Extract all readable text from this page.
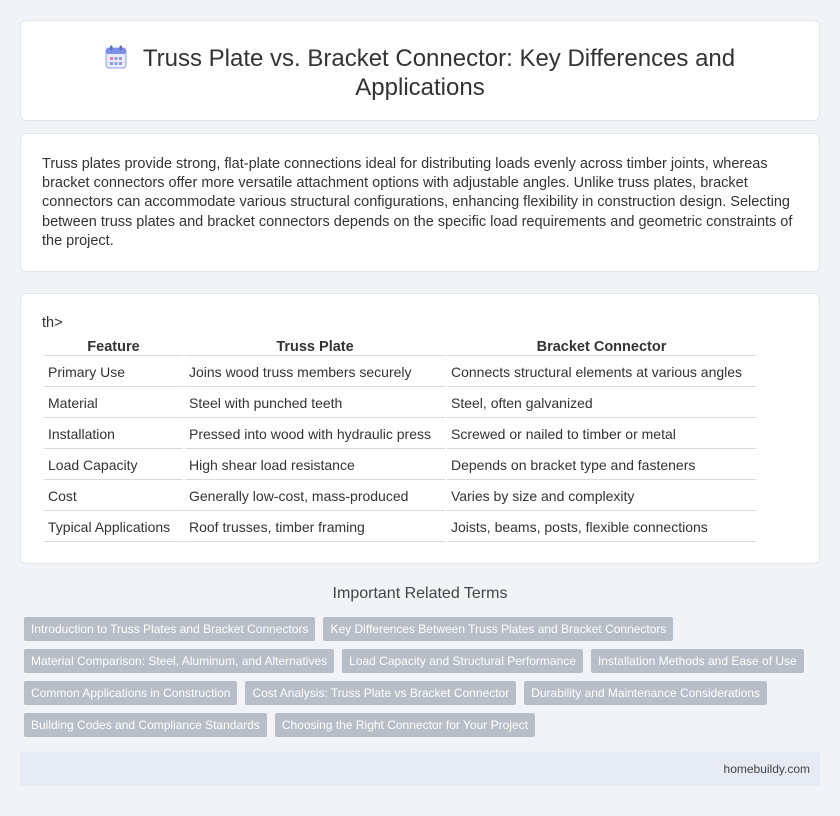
Truss Plate vs. Bracket Connector: Key Differences and Applications

Truss plates provide strong, flat-plate connections ideal for distributing loads evenly across timber joints, whereas bracket connectors offer more versatile attachment options with adjustable angles. Unlike truss plates, bracket connectors can accommodate various structural configurations, enhancing flexibility in construction design. Selecting between truss plates and bracket connectors depends on the specific load requirements and geometric constraints of the project.

th>
Feature	Truss Plate	Bracket Connector
Primary Use	Joins wood truss members securely	Connects structural elements at various angles
Material	Steel with punched teeth	Steel, often galvanized
Installation	Pressed into wood with hydraulic press	Screwed or nailed to timber or metal
Load Capacity	High shear load resistance	Depends on bracket type and fasteners
Cost	Generally low-cost, mass-produced	Varies by size and complexity
Typical Applications	Roof trusses, timber framing	Joists, beams, posts, flexible connections
Important Related Terms
Introduction to Truss Plates and Bracket Connectors	Key Differences Between Truss Plates and Bracket Connectors
Material Comparison: Steel, Aluminum, and Alternatives	Load Capacity and Structural Performance	Installation Methods and Ease of Use
Common Applications in Construction	Cost Analysis: Truss Plate vs Bracket Connector	Durability and Maintenance Considerations
Building Codes and Compliance Standards	Choosing the Right Connector for Your Project
homebuildy.com
